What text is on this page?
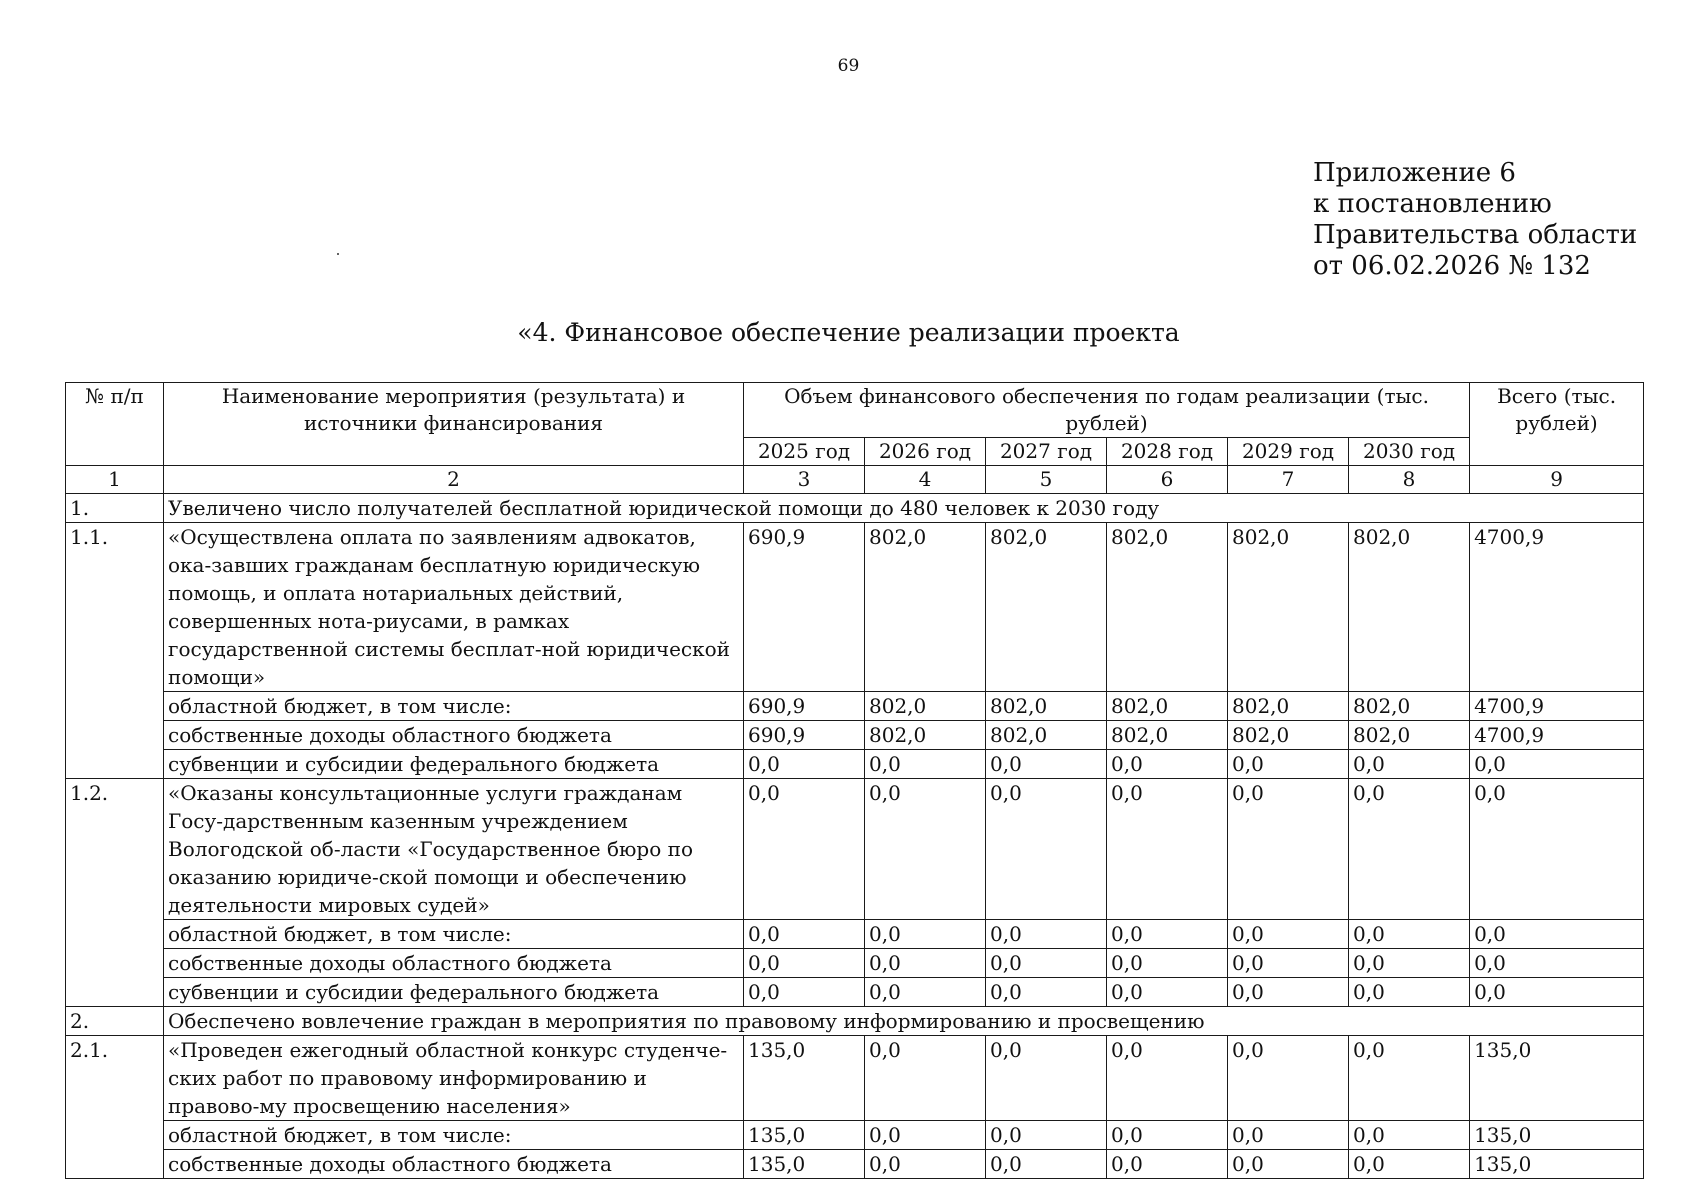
69
Приложение 6
к постановлению
Правительства области
от 06.02.2026 № 132
«4. Финансовое обеспечение реализации проекта
№ п/п	Наименование мероприятия (результата) и источники финансирования	Объем финансового обеспечения по годам реализации (тыс. рублей)						Всего (тыс. рублей)
		2025 год	2026 год	2027 год	2028 год	2029 год	2030 год	
1	2	3	4	5	6	7	8	9
1.	Увеличено число получателей бесплатной юридической помощи до 480 человек к 2030 году							
1.1.	«Осуществлена оплата по заявлениям адвокатов, ока-завших гражданам бесплатную юридическую помощь, и оплата нотариальных действий, совершенных нота-риусами, в рамках государственной системы бесплат-ной юридической помощи»	690,9	802,0	802,0	802,0	802,0	802,0	4700,9
	областной бюджет, в том числе:	690,9	802,0	802,0	802,0	802,0	802,0	4700,9
	собственные доходы областного бюджета	690,9	802,0	802,0	802,0	802,0	802,0	4700,9
	субвенции и субсидии федерального бюджета	0,0	0,0	0,0	0,0	0,0	0,0	0,0
1.2.	«Оказаны консультационные услуги гражданам Госу-дарственным казенным учреждением Вологодской об-ласти «Государственное бюро по оказанию юридиче-ской помощи и обеспечению деятельности мировых судей»	0,0	0,0	0,0	0,0	0,0	0,0	0,0
	областной бюджет, в том числе:	0,0	0,0	0,0	0,0	0,0	0,0	0,0
	собственные доходы областного бюджета	0,0	0,0	0,0	0,0	0,0	0,0	0,0
	субвенции и субсидии федерального бюджета	0,0	0,0	0,0	0,0	0,0	0,0	0,0
2.	Обеспечено вовлечение граждан в мероприятия по правовому информированию и просвещению							
2.1.	«Проведен ежегодный областной конкурс студенче-ских работ по правовому информированию и правово-му просвещению населения»	135,0	0,0	0,0	0,0	0,0	0,0	135,0
	областной бюджет, в том числе:	135,0	0,0	0,0	0,0	0,0	0,0	135,0
	собственные доходы областного бюджета	135,0	0,0	0,0	0,0	0,0	0,0	135,0
